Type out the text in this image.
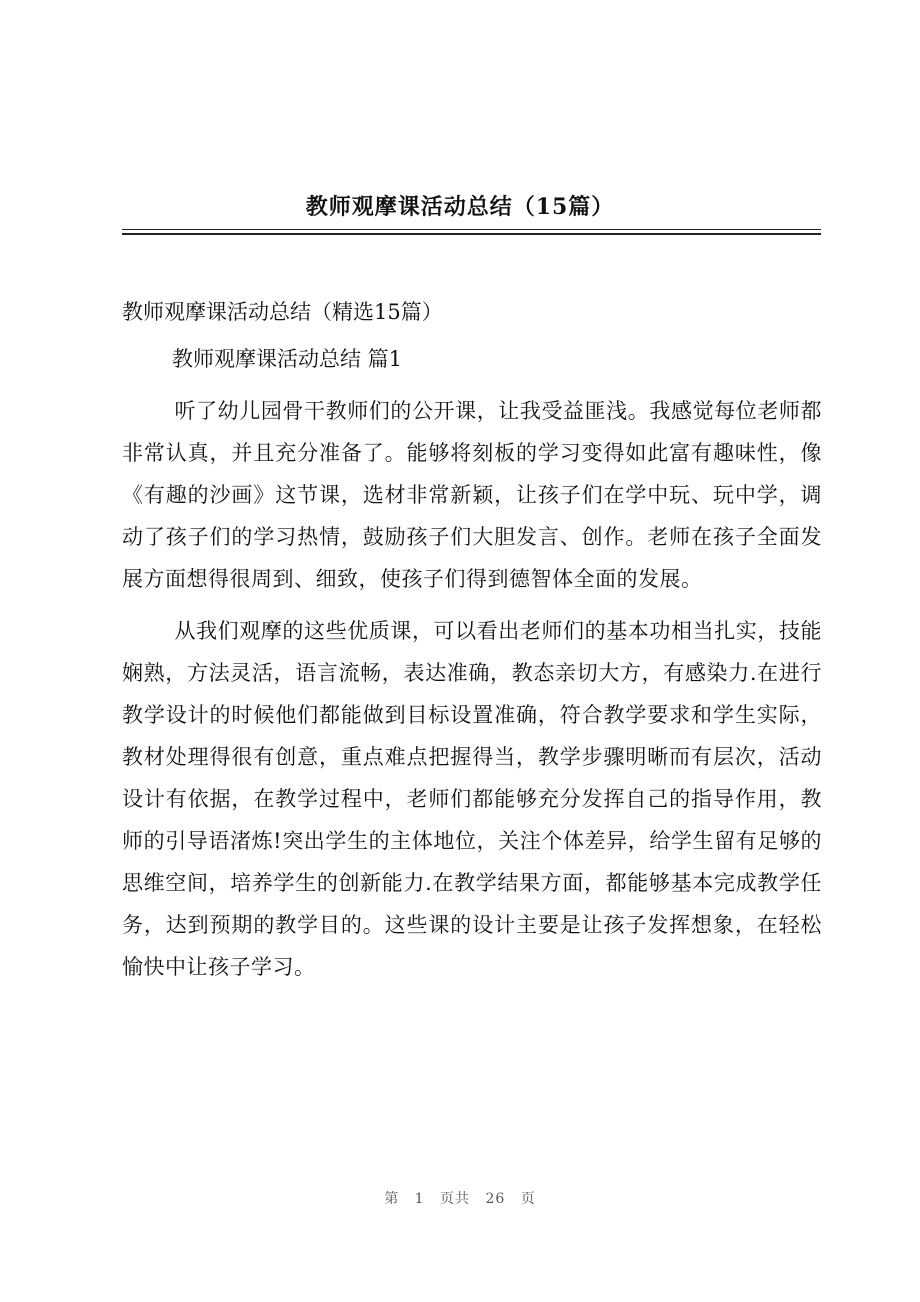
教师观摩课活动总结（15篇）

教师观摩课活动总结（精选15篇）

教师观摩课活动总结 篇1

听了幼儿园骨干教师们的公开课，让我受益匪浅。我感觉每位老师都非常认真，并且充分准备了。能够将刻板的学习变得如此富有趣味性，像《有趣的沙画》这节课，选材非常新颖，让孩子们在学中玩、玩中学，调动了孩子们的学习热情，鼓励孩子们大胆发言、创作。老师在孩子全面发展方面想得很周到、细致，使孩子们得到德智体全面的发展。

从我们观摩的这些优质课，可以看出老师们的基本功相当扎实，技能娴熟，方法灵活，语言流畅，表达准确，教态亲切大方，有感染力.在进行教学设计的时候他们都能做到目标设置准确，符合教学要求和学生实际，教材处理得很有创意，重点难点把握得当，教学步骤明晰而有层次，活动设计有依据，在教学过程中，老师们都能够充分发挥自己的指导作用，教师的引导语渚炼!突出学生的主体地位，关注个体差异，给学生留有足够的思维空间，培养学生的创新能力.在教学结果方面，都能够基本完成教学任务，达到预期的教学目的。这些课的设计主要是让孩子发挥想象，在轻松愉快中让孩子学习。

第 1 页共 26 页
